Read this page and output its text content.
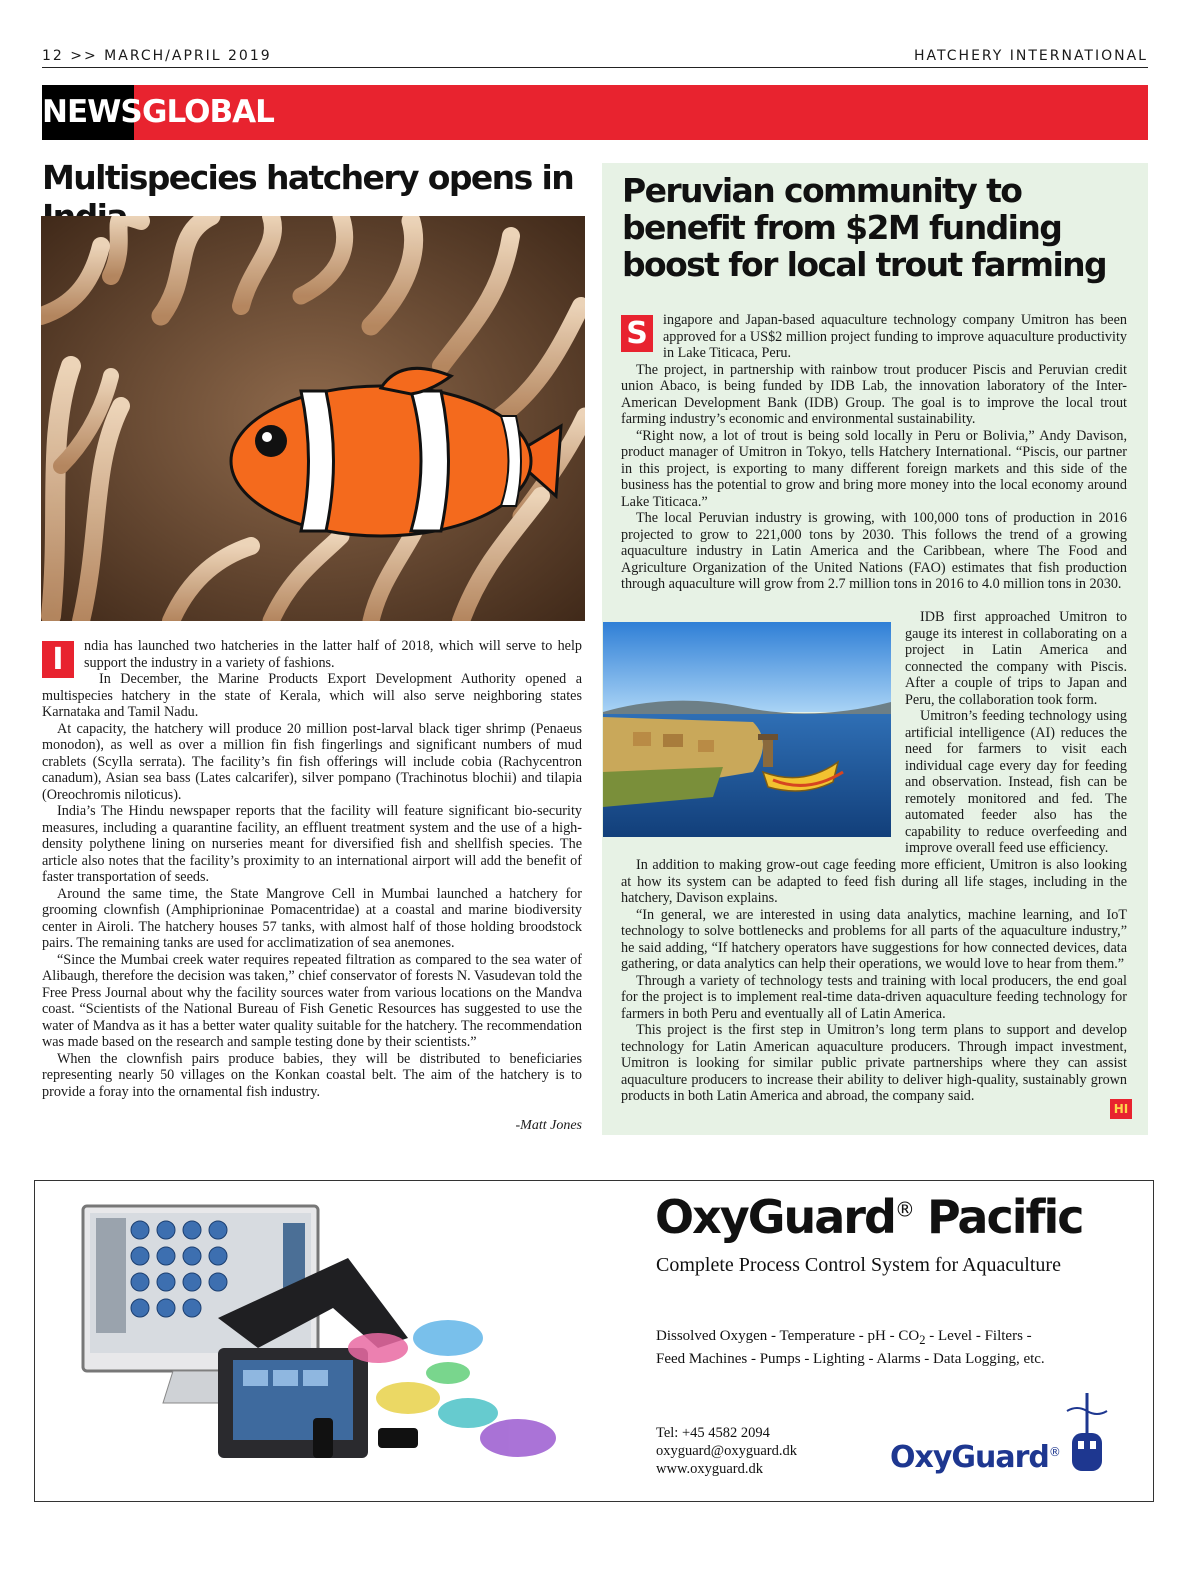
12 >> MARCH/APRIL 2019	HATCHERY INTERNATIONAL
NEWS GLOBAL
Multispecies hatchery opens in

I	ndia has launched two hatcheries in the latter half of 2018, which will serve to help support the industry in a variety of fashions.

In December, the Marine Products Export Development Authority opened a multispecies hatchery in the state of Kerala, which will also serve neighboring states Karnataka and Tamil Nadu.

At capacity, the hatchery will produce 20 million post-larval black tiger shrimp (Penaeus monodon), as well as over a million fin fish fingerlings and significant numbers of mud crablets (Scylla serrata). The facility’s fin fish offerings will include cobia (Rachycentron canadum), Asian sea bass (Lates calcarifer), silver pompano (Trachinotus blochii) and tilapia (Oreochromis niloticus).

India’s The Hindu newspaper reports that the facility will feature significant bio-security measures, including a quarantine facility, an effluent treatment system and the use of a high-density polythene lining on nurseries meant for diversified fish and shellfish species. The article also notes that the facility’s proximity to an international airport will add the benefit of faster transportation of seeds.

Around the same time, the State Mangrove Cell in Mumbai launched a hatchery for grooming clownfish (Amphiprioninae Pomacentridae) at a coastal and marine biodiversity center in Airoli. The hatchery houses 57 tanks, with almost half of those holding broodstock pairs. The remaining tanks are used for acclimatization of sea anemones.

“Since the Mumbai creek water requires repeated filtration as compared to the sea water of Alibaugh, therefore the decision was taken,” chief conservator of forests N. Vasudevan told the Free Press Journal about why the facility sources water from various locations on the Mandva coast. “Scientists of the National Bureau of Fish Genetic Resources has suggested to use the water of Mandva as it has a better water quality suitable for the hatchery. The recommendation was made based on the research and sample testing done by their scientists.”

When the clownfish pairs produce babies, they will be distributed to beneficiaries representing nearly 50 villages on the Konkan coastal belt. The aim of the hatchery is to provide a foray into the ornamental fish industry.

-Matt Jones
Peruvian community to benefit from $2M funding boost for local trout farming

S	ingapore and Japan-based aquaculture technology company Umitron has been approved for a US$2 million project funding to improve aquaculture productivity in Lake Titicaca, Peru.

The project, in partnership with rainbow trout producer Piscis and Peruvian credit union Abaco, is being funded by IDB Lab, the innovation laboratory of the Inter-American Development Bank (IDB) Group. The goal is to improve the local trout farming industry’s economic and environmental sustainability.

“Right now, a lot of trout is being sold locally in Peru or Bolivia,” Andy Davison, product manager of Umitron in Tokyo, tells Hatchery International. “Piscis, our partner in this project, is exporting to many different foreign markets and this side of the business has the potential to grow and bring more money into the local economy around Lake Titicaca.”

The local Peruvian industry is growing, with 100,000 tons of production in 2016 projected to grow to 221,000 tons by 2030. This follows the trend of a growing aquaculture industry in Latin America and the Caribbean, where The Food and Agriculture Organization of the United Nations (FAO) estimates that fish production through aquaculture will grow from 2.7 million tons in 2016 to 4.0 million tons in 2030.

IDB first approached Umitron to gauge its interest in collaborating on a project in Latin America and connected the company with Piscis. After a couple of trips to Japan and Peru, the collaboration took form.

Umitron’s feeding technology using artificial intelligence (AI) reduces the need for farmers to visit each individual cage every day for feeding and observation. Instead, fish can be remotely monitored and fed. The automated feeder also has the capability to reduce overfeeding and improve overall feed use efficiency.

In addition to making grow-out cage feeding more efficient, Umitron is also looking at how its system can be adapted to feed fish during all life stages, including in the hatchery, Davison explains.

“In general, we are interested in using data analytics, machine learning, and IoT technology to solve bottlenecks and problems for all parts of the aquaculture industry,” he said adding, “If hatchery operators have suggestions for how connected devices, data gathering, or data analytics can help their operations, we would love to hear from them.”

Through a variety of technology tests and training with local producers, the end goal for the project is to implement real-time data-driven aquaculture feeding technology for farmers in both Peru and eventually all of Latin America.

This project is the first step in Umitron’s long term plans to support and develop technology for Latin American aquaculture producers. Through impact investment, Umitron is looking for similar public private partnerships where they can assist aquaculture producers to increase their ability to deliver high-quality, sustainably grown products in both Latin America and abroad, the company said.

HI
OxyGuard® Pacific
Complete Process Control System for Aquaculture
Dissolved Oxygen - Temperature - pH - $CO_2$ - Level - Filters -
Feed Machines - Pumps - Lighting - Alarms - Data Logging, etc.
Tel: +45 4582 2094
oxyguard@oxyguard.dk
www.oxyguard.dk	OxyGuard®
